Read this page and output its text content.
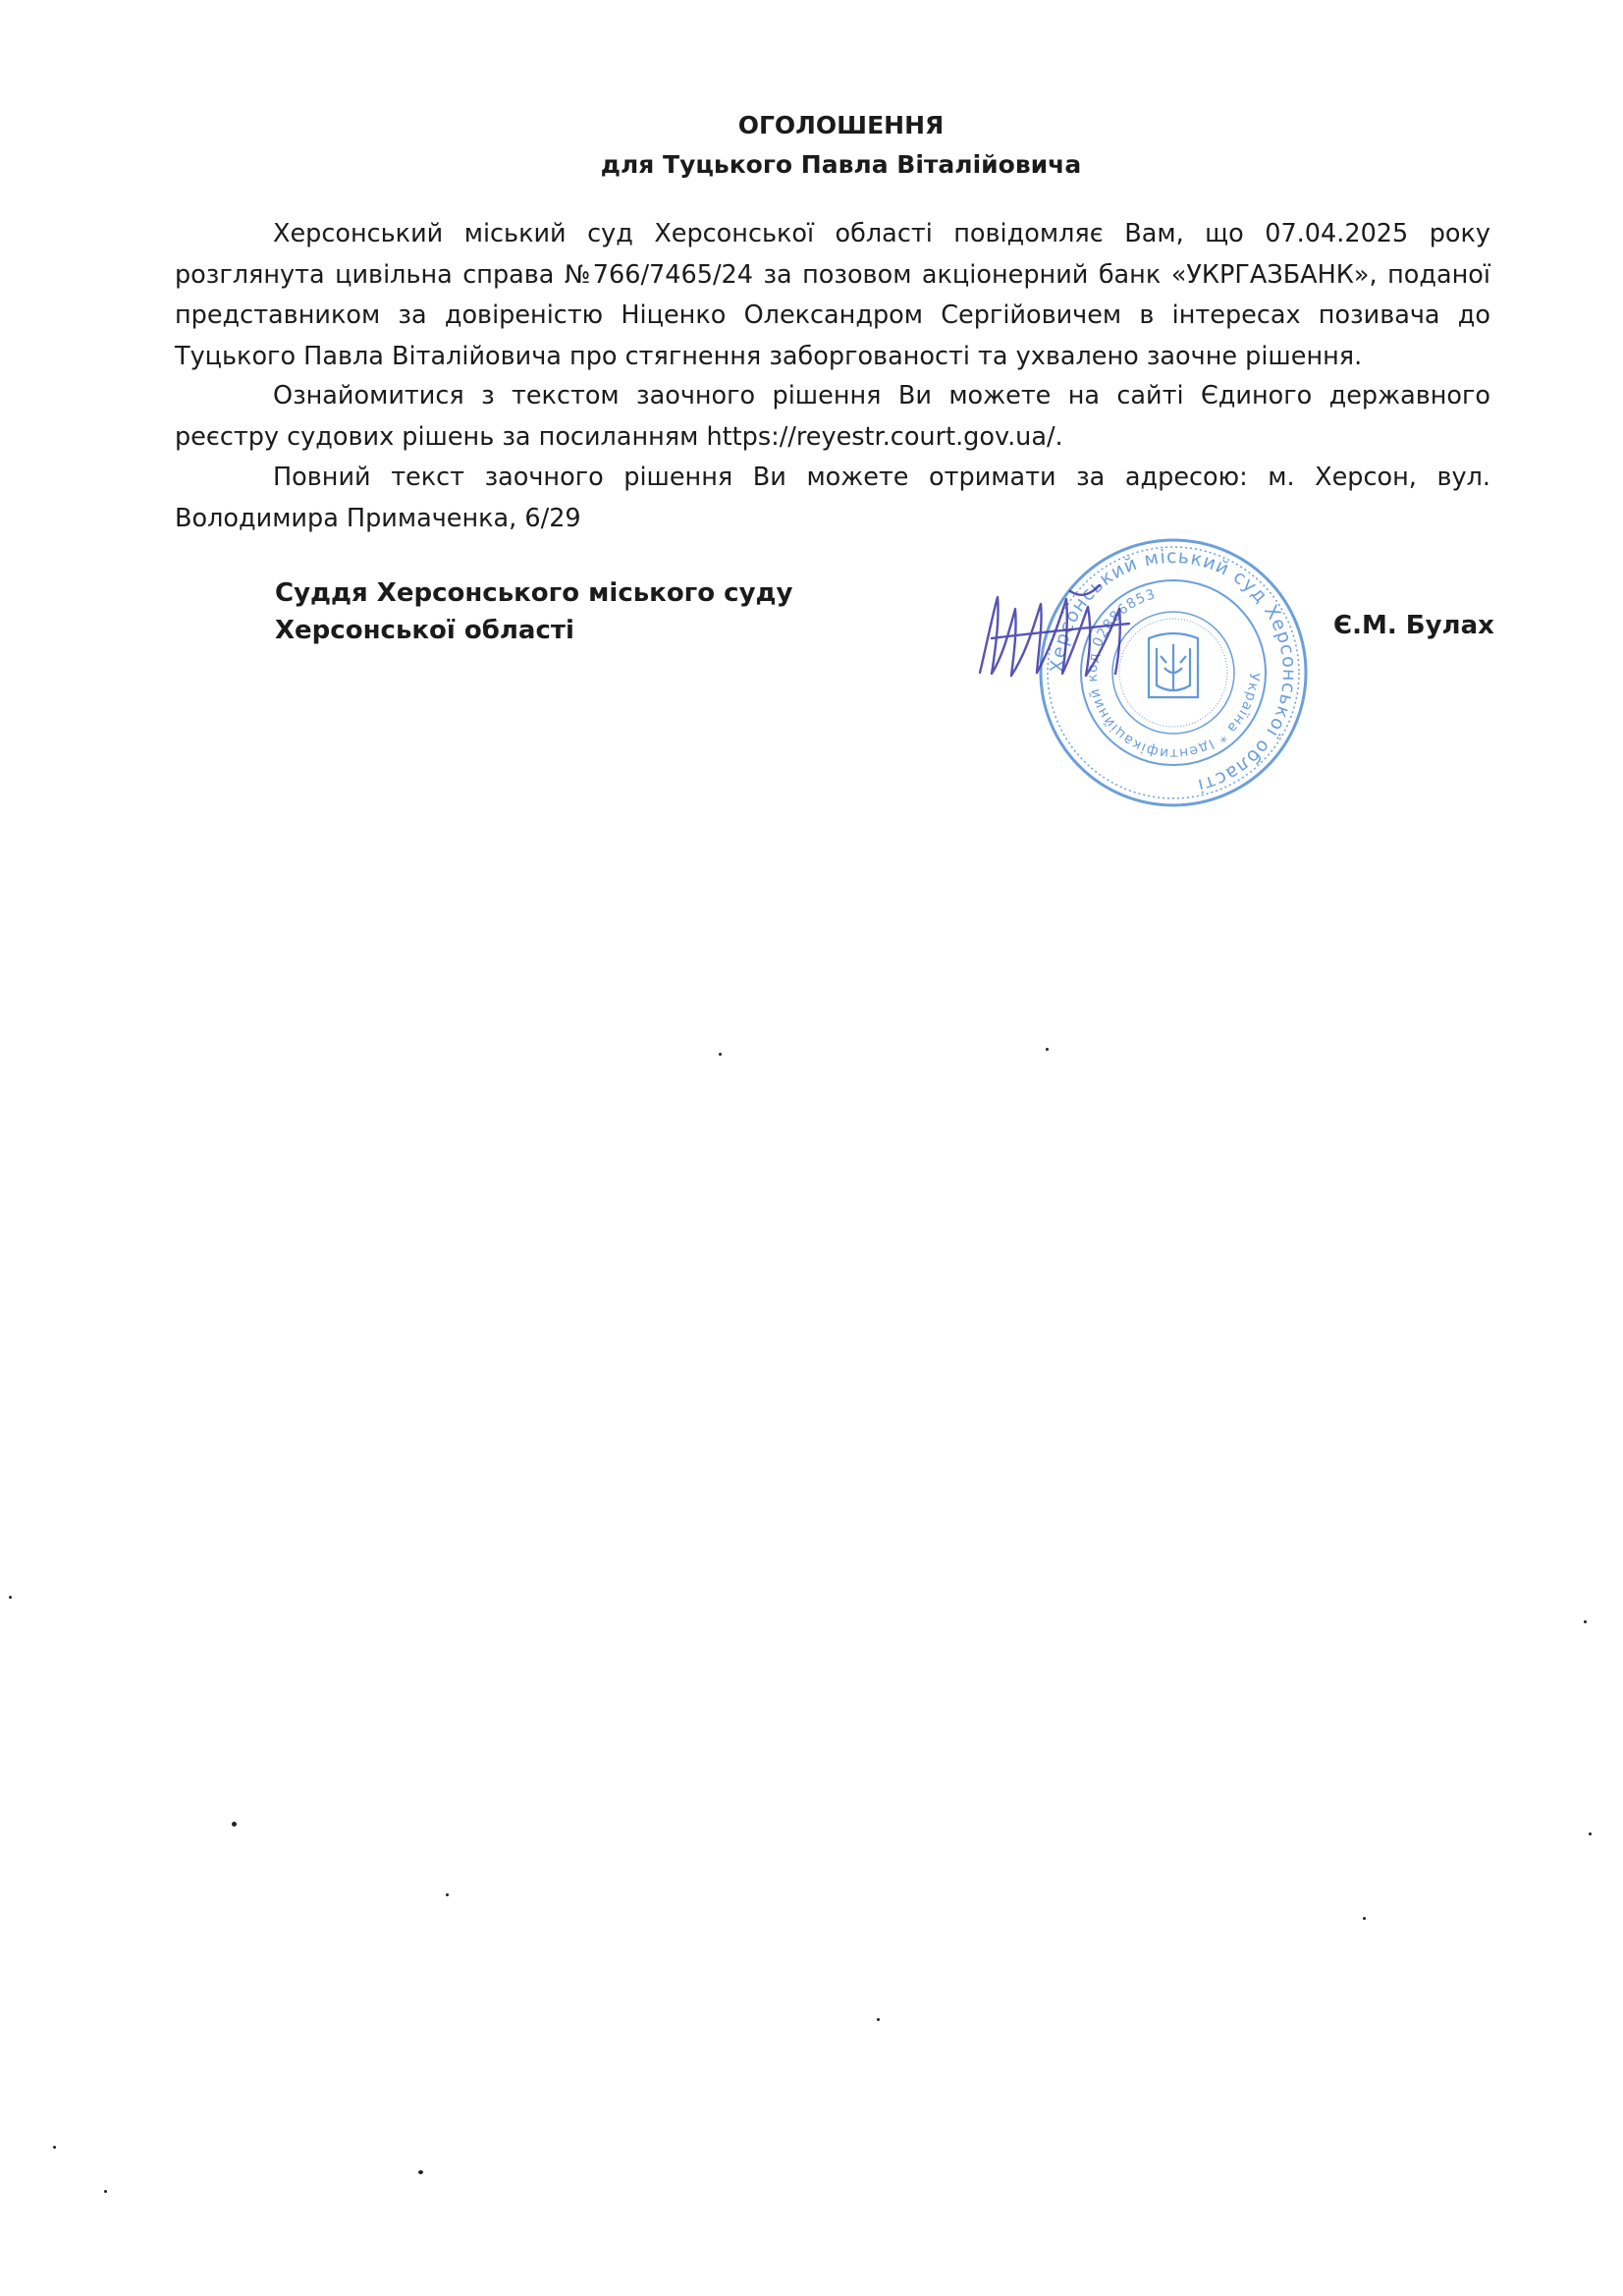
ОГОЛОШЕННЯ
для Туцького Павла Віталійовича

Херсонський міський суд Херсонської області повідомляє Вам, що 07.04.2025 року розглянута цивільна справа №766/7465/24 за позовом акціонерний банк «УКРГАЗБАНК», поданої представником за довіреністю Ніценко Олександром Сергійовичем в інтересах позивача до Туцького Павла Віталійовича про стягнення заборгованості та ухвалено заочне рішення.

Ознайомитися з текстом заочного рішення Ви можете на сайті Єдиного державного реєстру судових рішень за посиланням https://reyestr.court.gov.ua/.

Повний текст заочного рішення Ви можете отримати за адресою: м. Херсон, вул. Володимира Примаченка, 6/29

Суддя Херсонського міського суду
Херсонської області
Херсонський міський суд Херсонської області
Україна * Ідентифікаційний код 02886853
Є.М. Булах
